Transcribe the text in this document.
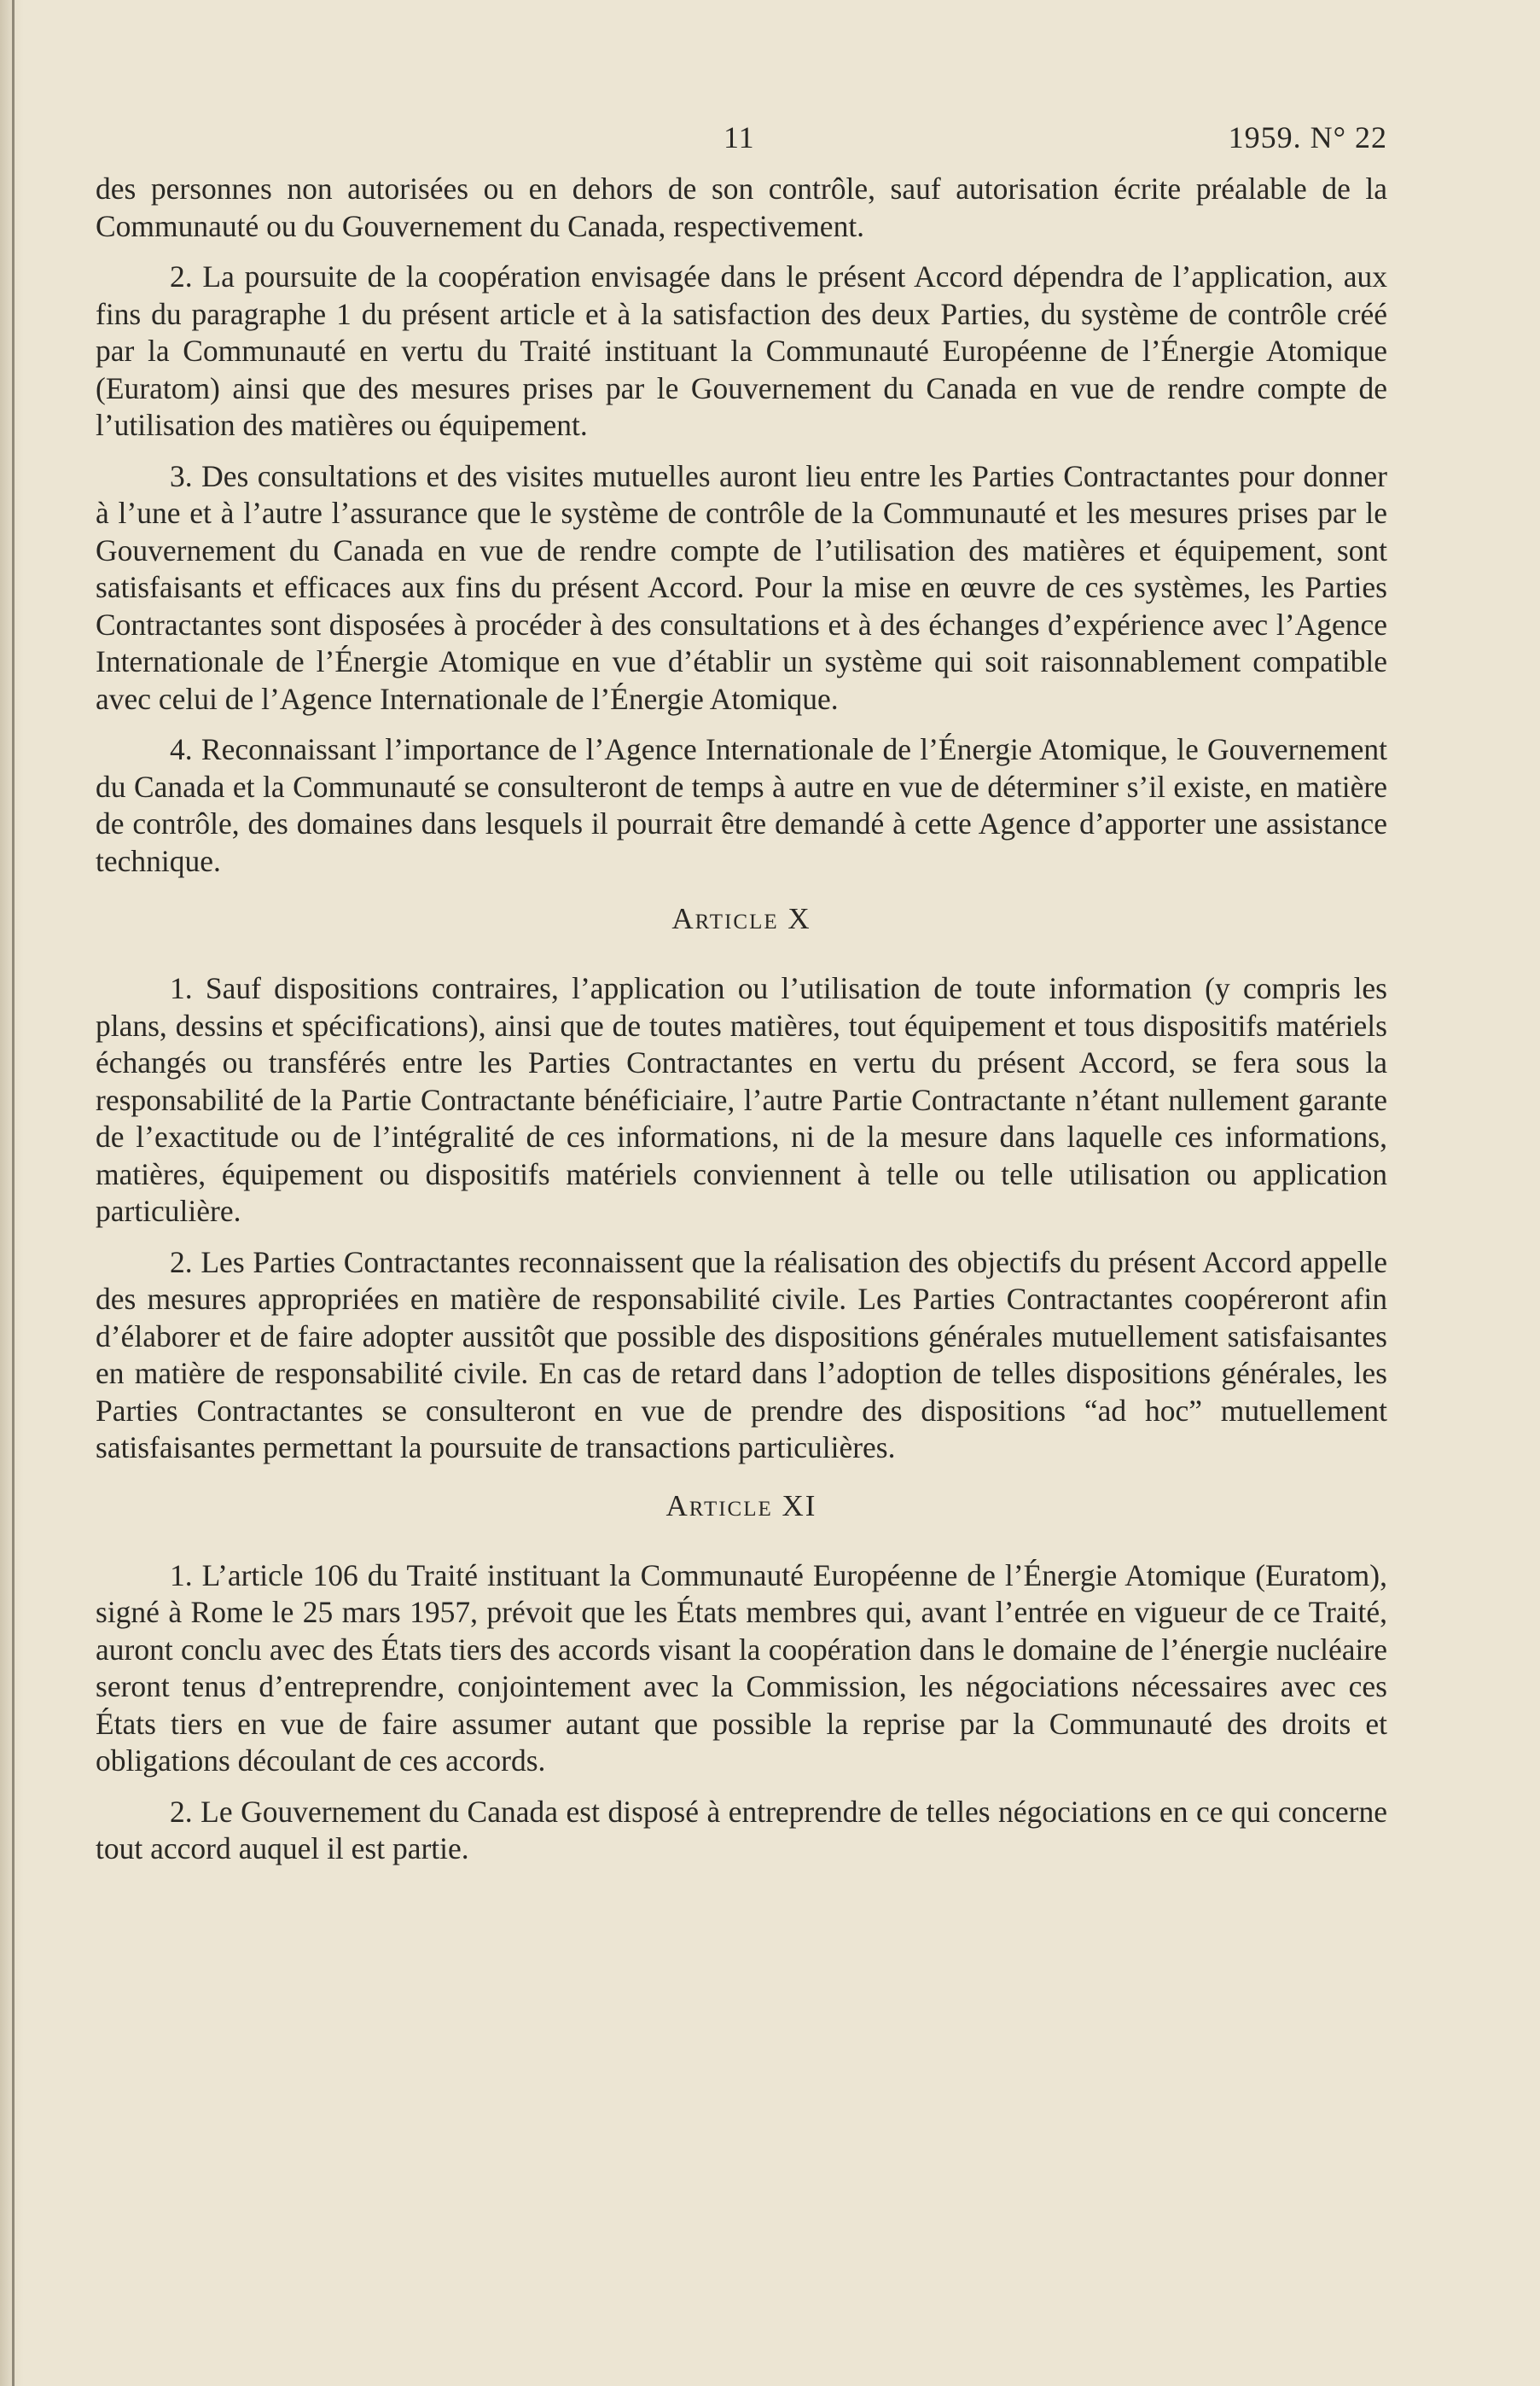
11	1959. N° 22

des personnes non autorisées ou en dehors de son contrôle, sauf autorisation écrite préalable de la Communauté ou du Gouvernement du Canada, respectivement.

2. La poursuite de la coopération envisagée dans le présent Accord dépendra de l’application, aux fins du paragraphe 1 du présent article et à la satisfaction des deux Parties, du système de contrôle créé par la Communauté en vertu du Traité instituant la Communauté Européenne de l’Énergie Atomique (Euratom) ainsi que des mesures prises par le Gouvernement du Canada en vue de rendre compte de l’utilisation des matières ou équipement.

3. Des consultations et des visites mutuelles auront lieu entre les Parties Contractantes pour donner à l’une et à l’autre l’assurance que le système de contrôle de la Communauté et les mesures prises par le Gouvernement du Canada en vue de rendre compte de l’utilisation des matières et équipement, sont satisfaisants et efficaces aux fins du présent Accord. Pour la mise en œuvre de ces systèmes, les Parties Contractantes sont disposées à procéder à des consultations et à des échanges d’expérience avec l’Agence Internationale de l’Énergie Atomique en vue d’établir un système qui soit raisonnablement compatible avec celui de l’Agence Internationale de l’Énergie Atomique.

4. Reconnaissant l’importance de l’Agence Internationale de l’Énergie Atomique, le Gouvernement du Canada et la Communauté se consulteront de temps à autre en vue de déterminer s’il existe, en matière de contrôle, des domaines dans lesquels il pourrait être demandé à cette Agence d’apporter une assistance technique.

Article X

1. Sauf dispositions contraires, l’application ou l’utilisation de toute information (y compris les plans, dessins et spécifications), ainsi que de toutes matières, tout équipement et tous dispositifs matériels échangés ou transférés entre les Parties Contractantes en vertu du présent Accord, se fera sous la responsabilité de la Partie Contractante bénéficiaire, l’autre Partie Contractante n’étant nullement garante de l’exactitude ou de l’intégralité de ces informations, ni de la mesure dans laquelle ces informations, matières, équipement ou dispositifs matériels conviennent à telle ou telle utilisation ou application particulière.

2. Les Parties Contractantes reconnaissent que la réalisation des objectifs du présent Accord appelle des mesures appropriées en matière de responsabilité civile. Les Parties Contractantes coopéreront afin d’élaborer et de faire adopter aussitôt que possible des dispositions générales mutuellement satisfaisantes en matière de responsabilité civile. En cas de retard dans l’adoption de telles dispositions générales, les Parties Contractantes se consulteront en vue de prendre des dispositions “ad hoc” mutuellement satisfaisantes permettant la poursuite de transactions particulières.

Article XI

1. L’article 106 du Traité instituant la Communauté Européenne de l’Énergie Atomique (Euratom), signé à Rome le 25 mars 1957, prévoit que les États membres qui, avant l’entrée en vigueur de ce Traité, auront conclu avec des États tiers des accords visant la coopération dans le domaine de l’énergie nucléaire seront tenus d’entreprendre, conjointement avec la Commission, les négociations nécessaires avec ces États tiers en vue de faire assumer autant que possible la reprise par la Communauté des droits et obligations découlant de ces accords.

2. Le Gouvernement du Canada est disposé à entreprendre de telles négociations en ce qui concerne tout accord auquel il est partie.
